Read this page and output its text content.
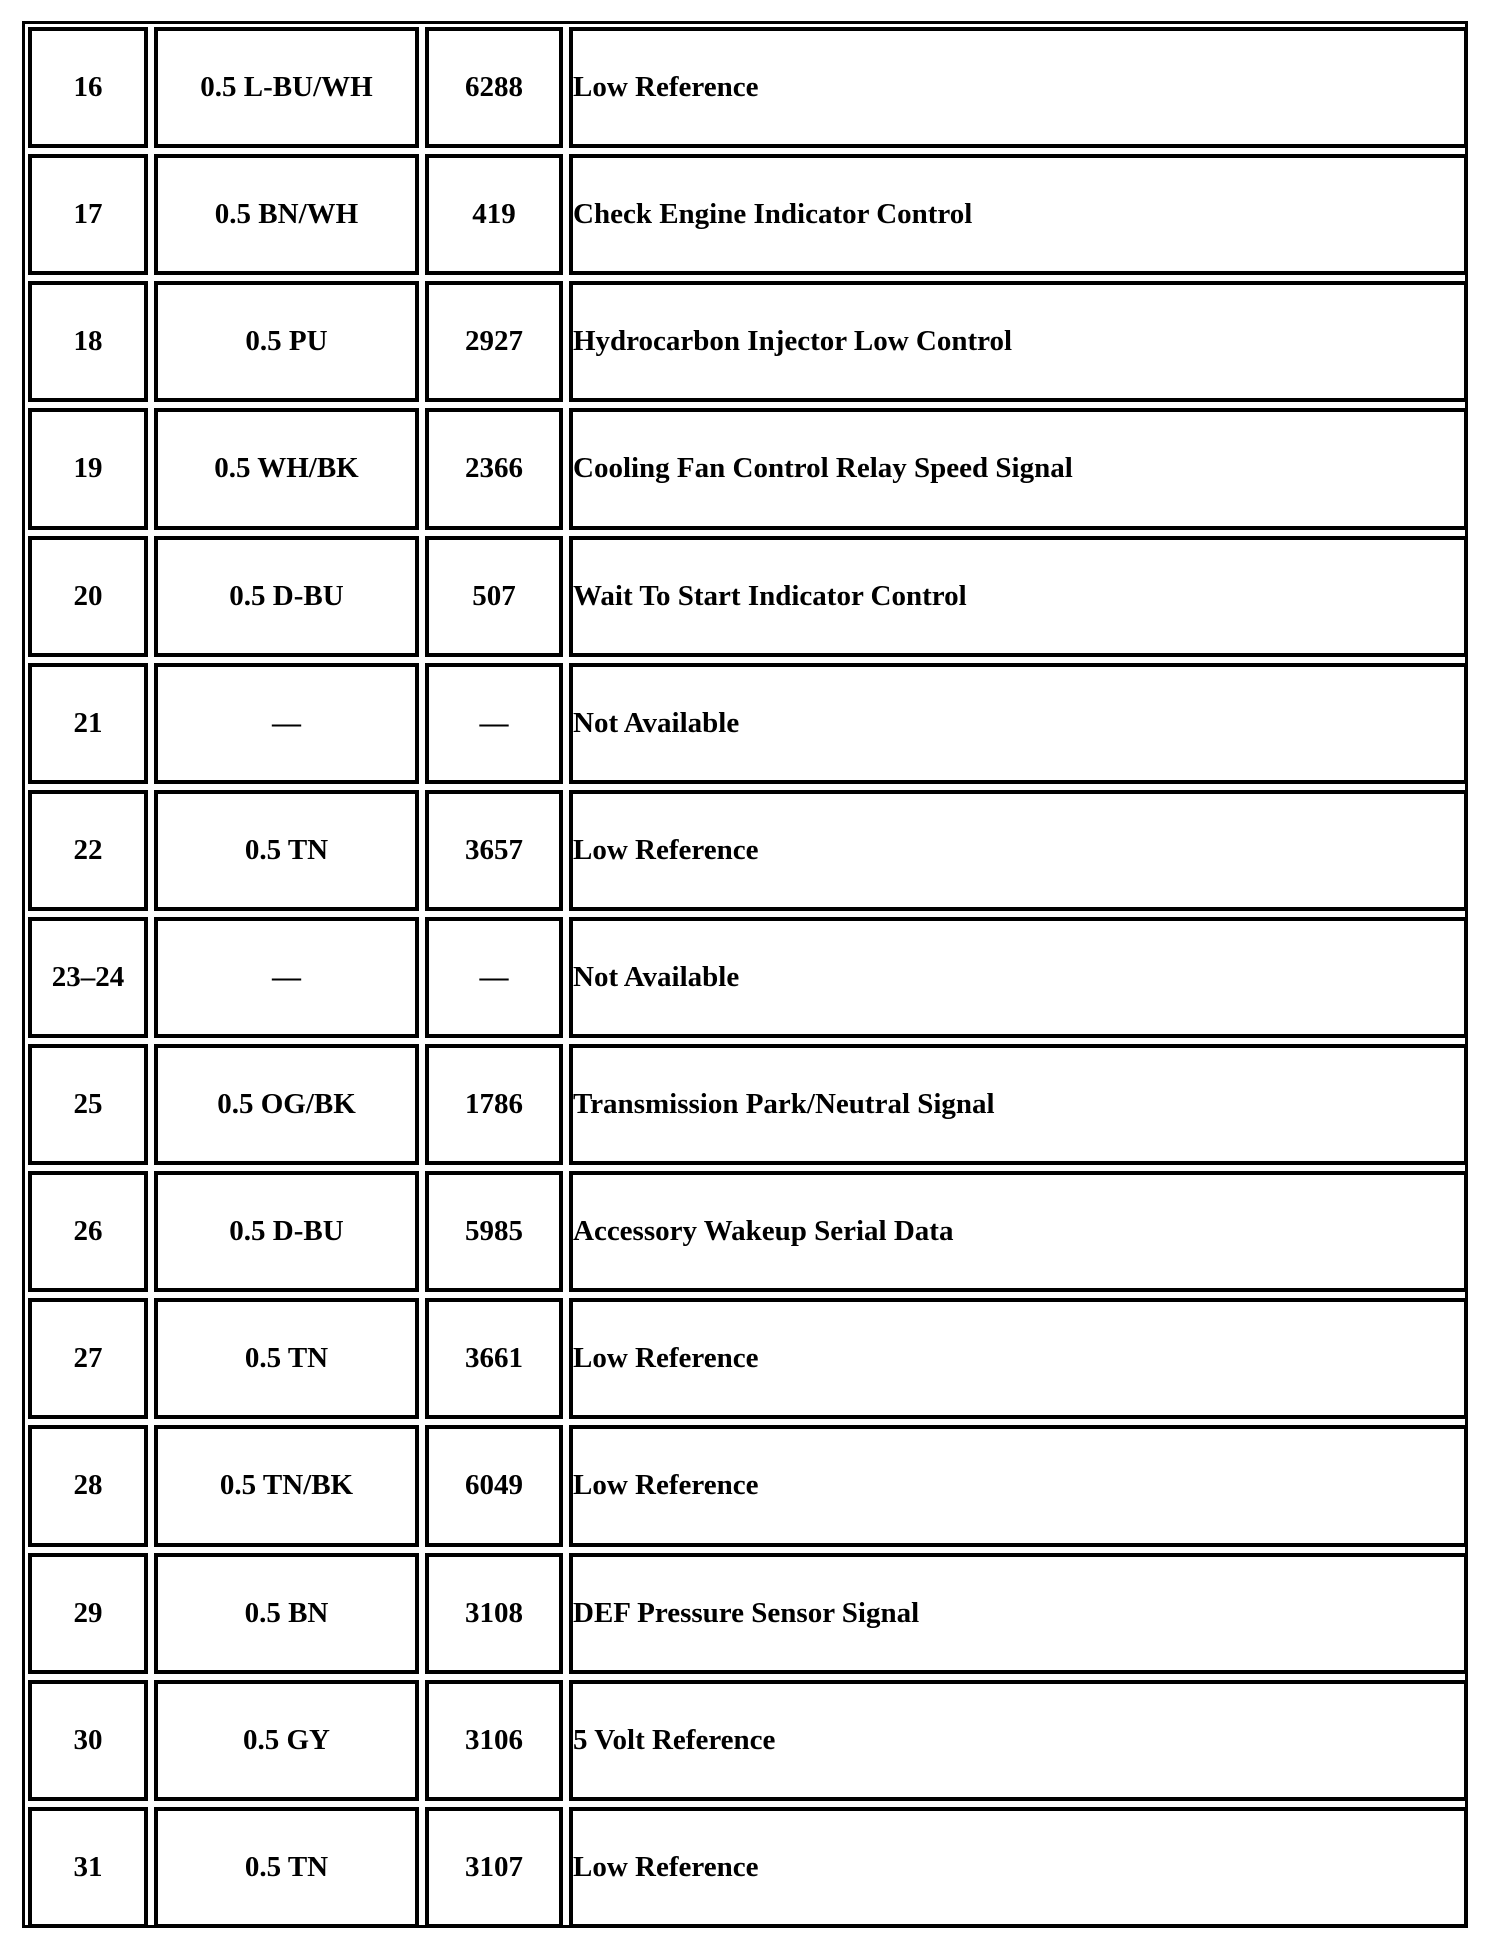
16	0.5 L-BU/WH	6288	Low Reference
17	0.5 BN/WH	419	Check Engine Indicator Control
18	0.5 PU	2927	Hydrocarbon Injector Low Control
19	0.5 WH/BK	2366	Cooling Fan Control Relay Speed Signal
20	0.5 D-BU	507	Wait To Start Indicator Control
21	—	—	Not Available
22	0.5 TN	3657	Low Reference
23–24	—	—	Not Available
25	0.5 OG/BK	1786	Transmission Park/Neutral Signal
26	0.5 D-BU	5985	Accessory Wakeup Serial Data
27	0.5 TN	3661	Low Reference
28	0.5 TN/BK	6049	Low Reference
29	0.5 BN	3108	DEF Pressure Sensor Signal
30	0.5 GY	3106	5 Volt Reference
31	0.5 TN	3107	Low Reference
